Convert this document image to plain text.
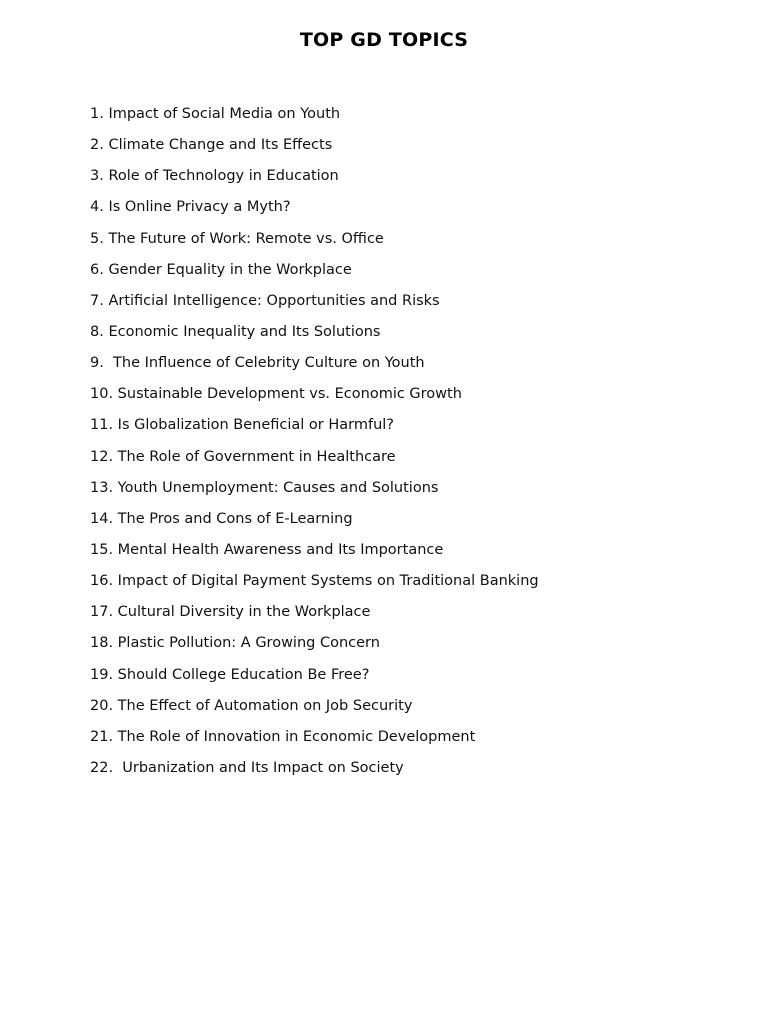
TOP GD TOPICS
1. Impact of Social Media on Youth
2. Climate Change and Its Effects
3. Role of Technology in Education
4. Is Online Privacy a Myth?
5. The Future of Work: Remote vs. Office
6. Gender Equality in the Workplace
7. Artificial Intelligence: Opportunities and Risks
8. Economic Inequality and Its Solutions
9.  The Influence of Celebrity Culture on Youth
10. Sustainable Development vs. Economic Growth
11. Is Globalization Beneficial or Harmful?
12. The Role of Government in Healthcare
13. Youth Unemployment: Causes and Solutions
14. The Pros and Cons of E-Learning
15. Mental Health Awareness and Its Importance
16. Impact of Digital Payment Systems on Traditional Banking
17. Cultural Diversity in the Workplace
18. Plastic Pollution: A Growing Concern
19. Should College Education Be Free?
20. The Effect of Automation on Job Security
21. The Role of Innovation in Economic Development
22.  Urbanization and Its Impact on Society
